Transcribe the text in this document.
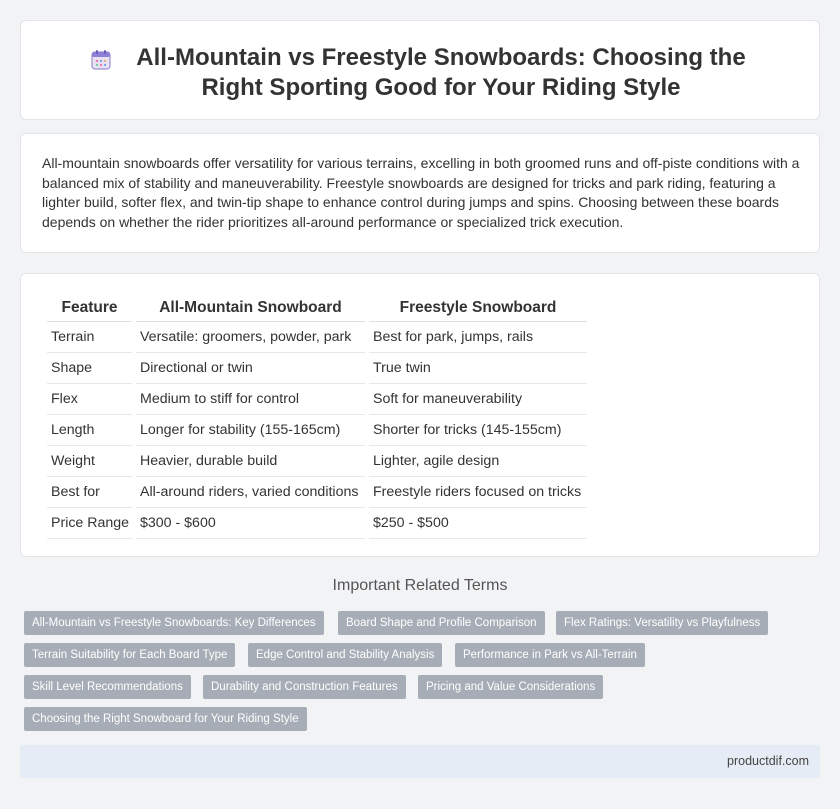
All-Mountain vs Freestyle Snowboards: Choosing the Right Sporting Good for Your Riding Style

All-mountain snowboards offer versatility for various terrains, excelling in both groomed runs and off-piste conditions with a balanced mix of stability and maneuverability. Freestyle snowboards are designed for tricks and park riding, featuring a lighter build, softer flex, and twin-tip shape to enhance control during jumps and spins. Choosing between these boards depends on whether the rider prioritizes all-around performance or specialized trick execution.

Feature	All-Mountain Snowboard	Freestyle Snowboard
Terrain	Versatile: groomers, powder, park	Best for park, jumps, rails
Shape	Directional or twin	True twin
Flex	Medium to stiff for control	Soft for maneuverability
Length	Longer for stability (155-165cm)	Shorter for tricks (145-155cm)
Weight	Heavier, durable build	Lighter, agile design
Best for	All-around riders, varied conditions	Freestyle riders focused on tricks
Price Range	$300 - $600	$250 - $500
Important Related Terms
All-Mountain vs Freestyle Snowboards: Key Differences	Board Shape and Profile Comparison	Flex Ratings: Versatility vs Playfulness
Terrain Suitability for Each Board Type	Edge Control and Stability Analysis	Performance in Park vs All-Terrain
Skill Level Recommendations	Durability and Construction Features	Pricing and Value Considerations
Choosing the Right Snowboard for Your Riding Style
productdif.com
